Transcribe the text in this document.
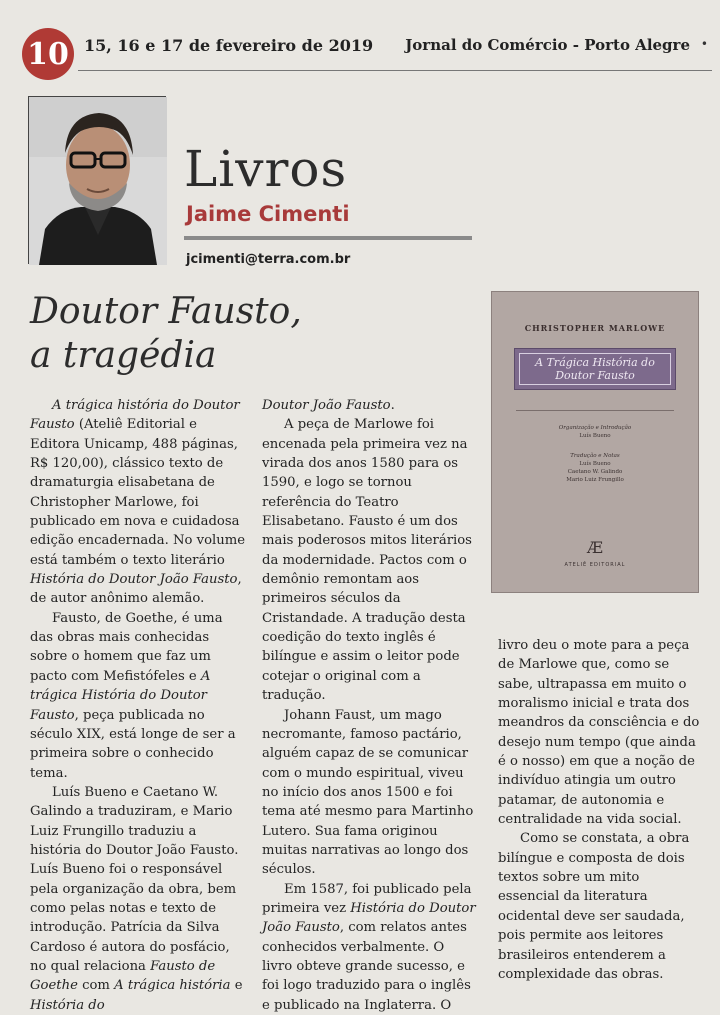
10 15, 16 e 17 de fevereiro de 2019 Jornal do Comércio - Porto Alegre •
Livros
Jaime Cimenti
jcimenti@terra.com.br
Doutor Fausto,
a tragédia

A trágica história do Doutor Fausto (Ateliê Editorial e Editora Unicamp, 488 páginas, R$ 120,00), clássico texto de dramaturgia elisabetana de Christopher Marlowe, foi publicado em nova e cuidadosa edição encadernada. No volume está também o texto literário História do Doutor João Fausto, de autor anônimo alemão.

Fausto, de Goethe, é uma das obras mais conhecidas sobre o homem que faz um pacto com Mefistófeles e A trágica História do Doutor Fausto, peça publicada no século XIX, está longe de ser a primeira sobre o conhecido tema.

Luís Bueno e Caetano W. Galindo a traduziram, e Mario Luiz Frungillo traduziu a história do Doutor João Fausto. Luís Bueno foi o responsável pela organização da obra, bem como pelas notas e texto de introdução. Patrícia da Silva Cardoso é autora do posfácio, no qual relaciona Fausto de Goethe com A trágica história e História do

Doutor João Fausto.

A peça de Marlowe foi encenada pela primeira vez na virada dos anos 1580 para os 1590, e logo se tornou referência do Teatro Elisabetano. Fausto é um dos mais poderosos mitos literários da modernidade. Pactos com o demônio remontam aos primeiros séculos da Cristandade. A tradução desta coedição do texto inglês é bilíngue e assim o leitor pode cotejar o original com a tradução.

Johann Faust, um mago necromante, famoso pactário, alguém capaz de se comunicar com o mundo espiritual, viveu no início dos anos 1500 e foi tema até mesmo para Martinho Lutero. Sua fama originou muitas narrativas ao longo dos séculos.

Em 1587, foi publicado pela primeira vez História do Doutor João Fausto, com relatos antes conhecidos verbalmente. O livro obteve grande sucesso, e foi logo traduzido para o inglês e publicado na Inglaterra. O

CHRISTOPHER MARLOWE
A Trágica História do
Doutor Fausto
Organização e Introdução
Luís Bueno
Tradução e Notas
Luís Bueno
Caetano W. Galindo
Mario Luiz Frungillo
Æ
ATELIÊ EDITORIAL

livro deu o mote para a peça de Marlowe que, como se sabe, ultrapassa em muito o moralismo inicial e trata dos meandros da consciência e do desejo num tempo (que ainda é o nosso) em que a noção de indivíduo atingia um outro patamar, de autonomia e centralidade na vida social.

Como se constata, a obra bilíngue e composta de dois textos sobre um mito essencial da literatura ocidental deve ser saudada, pois permite aos leitores brasileiros entenderem a complexidade das obras.
